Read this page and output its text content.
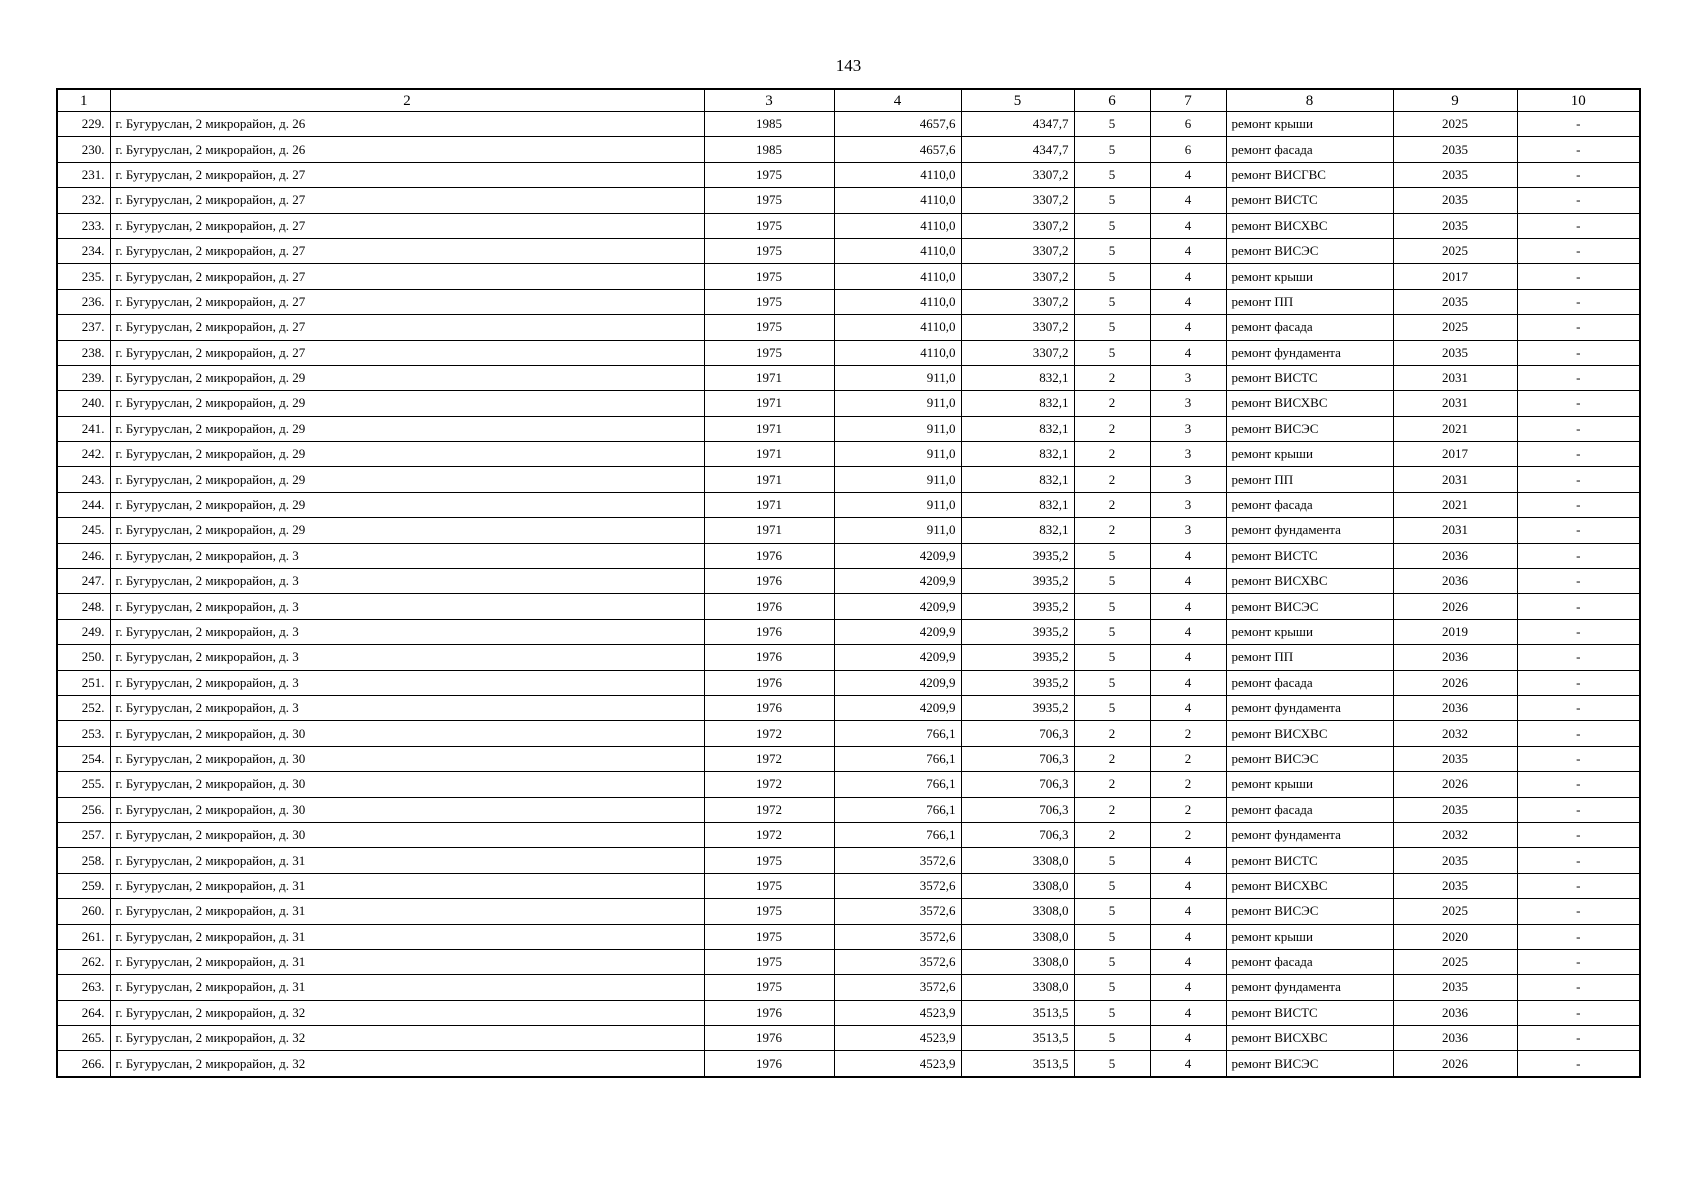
143
1	2	3	4	5	6	7	8	9	10
229.	г. Бугуруслан, 2 микрорайон, д. 26	1985	4657,6	4347,7	5	6	ремонт крыши	2025	-
230.	г. Бугуруслан, 2 микрорайон, д. 26	1985	4657,6	4347,7	5	6	ремонт фасада	2035	-
231.	г. Бугуруслан, 2 микрорайон, д. 27	1975	4110,0	3307,2	5	4	ремонт ВИСГВС	2035	-
232.	г. Бугуруслан, 2 микрорайон, д. 27	1975	4110,0	3307,2	5	4	ремонт ВИСТС	2035	-
233.	г. Бугуруслан, 2 микрорайон, д. 27	1975	4110,0	3307,2	5	4	ремонт ВИСХВС	2035	-
234.	г. Бугуруслан, 2 микрорайон, д. 27	1975	4110,0	3307,2	5	4	ремонт ВИСЭС	2025	-
235.	г. Бугуруслан, 2 микрорайон, д. 27	1975	4110,0	3307,2	5	4	ремонт крыши	2017	-
236.	г. Бугуруслан, 2 микрорайон, д. 27	1975	4110,0	3307,2	5	4	ремонт ПП	2035	-
237.	г. Бугуруслан, 2 микрорайон, д. 27	1975	4110,0	3307,2	5	4	ремонт фасада	2025	-
238.	г. Бугуруслан, 2 микрорайон, д. 27	1975	4110,0	3307,2	5	4	ремонт фундамента	2035	-
239.	г. Бугуруслан, 2 микрорайон, д. 29	1971	911,0	832,1	2	3	ремонт ВИСТС	2031	-
240.	г. Бугуруслан, 2 микрорайон, д. 29	1971	911,0	832,1	2	3	ремонт ВИСХВС	2031	-
241.	г. Бугуруслан, 2 микрорайон, д. 29	1971	911,0	832,1	2	3	ремонт ВИСЭС	2021	-
242.	г. Бугуруслан, 2 микрорайон, д. 29	1971	911,0	832,1	2	3	ремонт крыши	2017	-
243.	г. Бугуруслан, 2 микрорайон, д. 29	1971	911,0	832,1	2	3	ремонт ПП	2031	-
244.	г. Бугуруслан, 2 микрорайон, д. 29	1971	911,0	832,1	2	3	ремонт фасада	2021	-
245.	г. Бугуруслан, 2 микрорайон, д. 29	1971	911,0	832,1	2	3	ремонт фундамента	2031	-
246.	г. Бугуруслан, 2 микрорайон, д. 3	1976	4209,9	3935,2	5	4	ремонт ВИСТС	2036	-
247.	г. Бугуруслан, 2 микрорайон, д. 3	1976	4209,9	3935,2	5	4	ремонт ВИСХВС	2036	-
248.	г. Бугуруслан, 2 микрорайон, д. 3	1976	4209,9	3935,2	5	4	ремонт ВИСЭС	2026	-
249.	г. Бугуруслан, 2 микрорайон, д. 3	1976	4209,9	3935,2	5	4	ремонт крыши	2019	-
250.	г. Бугуруслан, 2 микрорайон, д. 3	1976	4209,9	3935,2	5	4	ремонт ПП	2036	-
251.	г. Бугуруслан, 2 микрорайон, д. 3	1976	4209,9	3935,2	5	4	ремонт фасада	2026	-
252.	г. Бугуруслан, 2 микрорайон, д. 3	1976	4209,9	3935,2	5	4	ремонт фундамента	2036	-
253.	г. Бугуруслан, 2 микрорайон, д. 30	1972	766,1	706,3	2	2	ремонт ВИСХВС	2032	-
254.	г. Бугуруслан, 2 микрорайон, д. 30	1972	766,1	706,3	2	2	ремонт ВИСЭС	2035	-
255.	г. Бугуруслан, 2 микрорайон, д. 30	1972	766,1	706,3	2	2	ремонт крыши	2026	-
256.	г. Бугуруслан, 2 микрорайон, д. 30	1972	766,1	706,3	2	2	ремонт фасада	2035	-
257.	г. Бугуруслан, 2 микрорайон, д. 30	1972	766,1	706,3	2	2	ремонт фундамента	2032	-
258.	г. Бугуруслан, 2 микрорайон, д. 31	1975	3572,6	3308,0	5	4	ремонт ВИСТС	2035	-
259.	г. Бугуруслан, 2 микрорайон, д. 31	1975	3572,6	3308,0	5	4	ремонт ВИСХВС	2035	-
260.	г. Бугуруслан, 2 микрорайон, д. 31	1975	3572,6	3308,0	5	4	ремонт ВИСЭС	2025	-
261.	г. Бугуруслан, 2 микрорайон, д. 31	1975	3572,6	3308,0	5	4	ремонт крыши	2020	-
262.	г. Бугуруслан, 2 микрорайон, д. 31	1975	3572,6	3308,0	5	4	ремонт фасада	2025	-
263.	г. Бугуруслан, 2 микрорайон, д. 31	1975	3572,6	3308,0	5	4	ремонт фундамента	2035	-
264.	г. Бугуруслан, 2 микрорайон, д. 32	1976	4523,9	3513,5	5	4	ремонт ВИСТС	2036	-
265.	г. Бугуруслан, 2 микрорайон, д. 32	1976	4523,9	3513,5	5	4	ремонт ВИСХВС	2036	-
266.	г. Бугуруслан, 2 микрорайон, д. 32	1976	4523,9	3513,5	5	4	ремонт ВИСЭС	2026	-
